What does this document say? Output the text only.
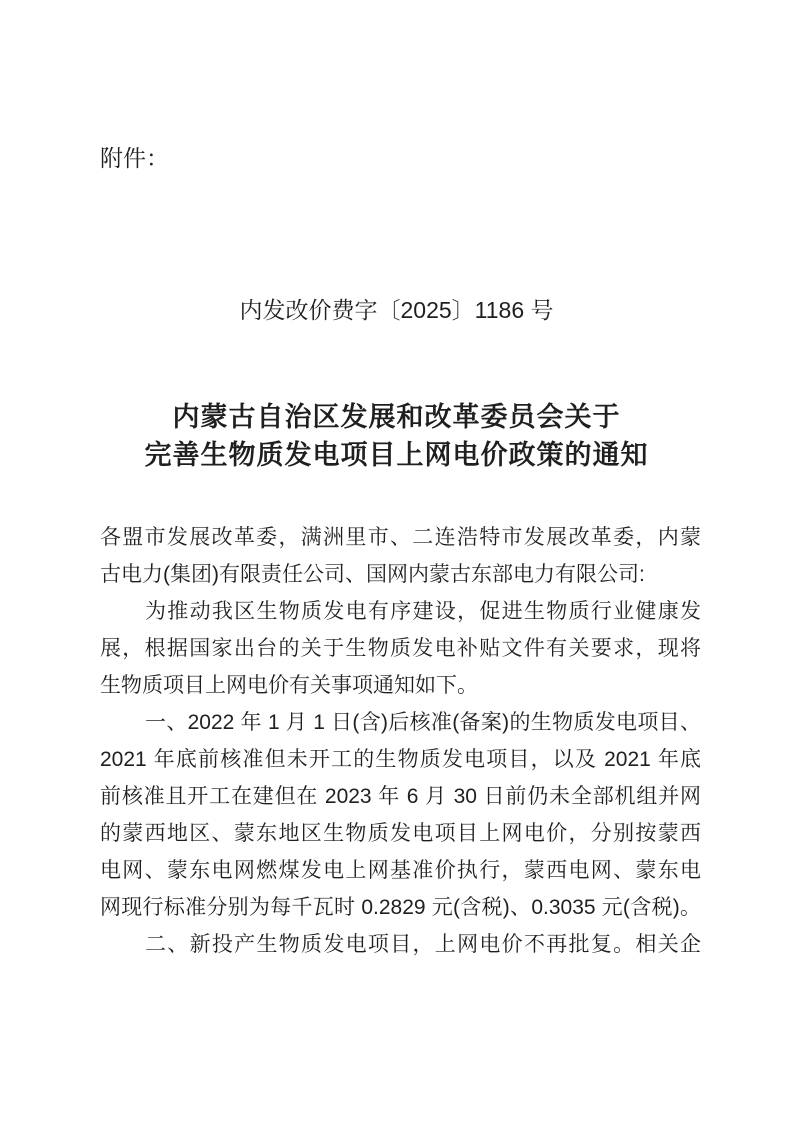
附件：
内发改价费字〔2025〕1186 号
内蒙古自治区发展和改革委员会关于
完善生物质发电项目上网电价政策的通知
各盟市发展改革委，满洲里市、二连浩特市发展改革委，内蒙
古电力(集团)有限责任公司、国网内蒙古东部电力有限公司:
为推动我区生物质发电有序建设，促进生物质行业健康发
展，根据国家出台的关于生物质发电补贴文件有关要求，现将
生物质项目上网电价有关事项通知如下。
一、2022 年 1 月 1 日(含)后核准(备案)的生物质发电项目、
2021 年底前核准但未开工的生物质发电项目，以及 2021 年底
前核准且开工在建但在 2023 年 6 月 30 日前仍未全部机组并网
的蒙西地区、蒙东地区生物质发电项目上网电价，分别按蒙西
电网、蒙东电网燃煤发电上网基准价执行，蒙西电网、蒙东电
网现行标准分别为每千瓦时 0.2829 元(含税)、0.3035 元(含税)。
二、新投产生物质发电项目，上网电价不再批复。相关企
